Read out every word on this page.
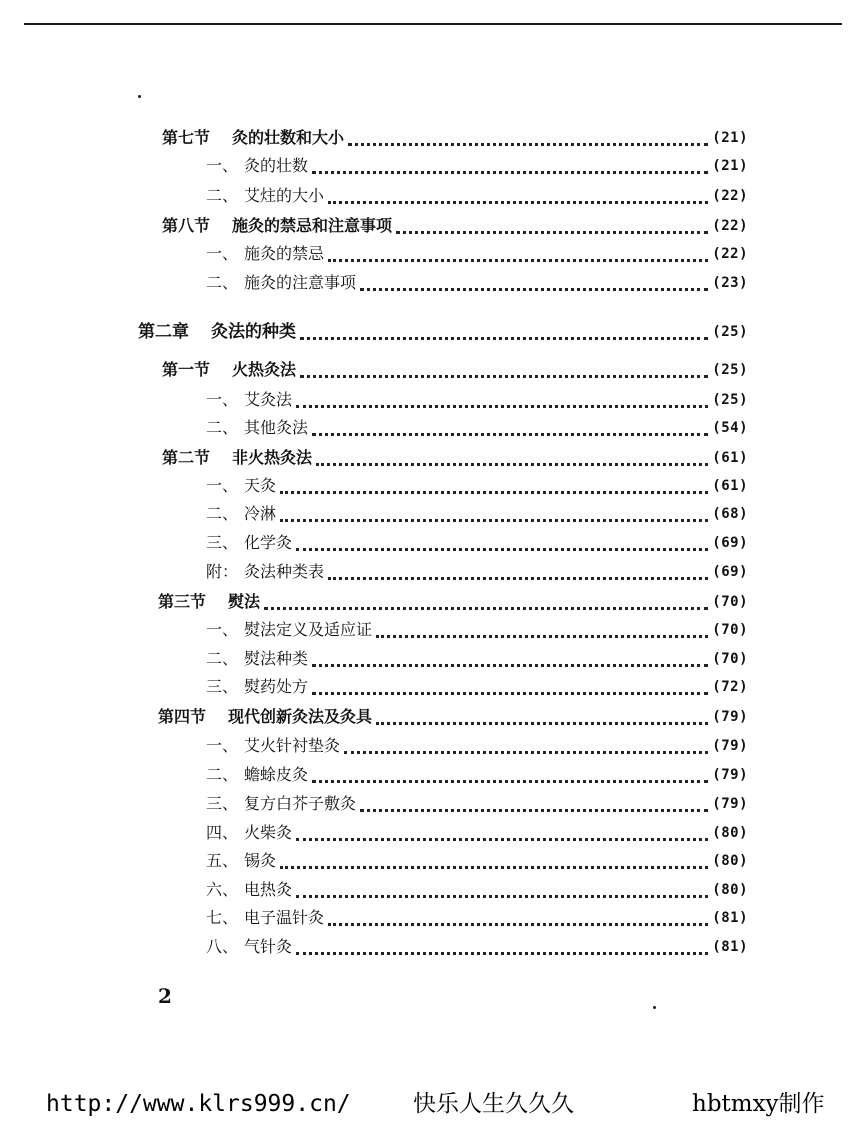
第七节 灸的壮数和大小	(21)
一、 灸的壮数	(21)
二、 艾炷的大小	(22)
第八节 施灸的禁忌和注意事项	(22)
一、 施灸的禁忌	(22)
二、 施灸的注意事项	(23)
第二章 灸法的种类	(25)
第一节 火热灸法	(25)
一、 艾灸法	(25)
二、 其他灸法	(54)
第二节 非火热灸法	(61)
一、 天灸	(61)
二、 冷淋	(68)
三、 化学灸	(69)
附： 灸法种类表	(69)
第三节 熨法	(70)
一、 熨法定义及适应证	(70)
二、 熨法种类	(70)
三、 熨药处方	(72)
第四节 现代创新灸法及灸具	(79)
一、 艾火针衬垫灸	(79)
二、 蟾蜍皮灸	(79)
三、 复方白芥子敷灸	(79)
四、 火柴灸	(80)
五、 锡灸	(80)
六、 电热灸	(80)
七、 电子温针灸	(81)
八、 气针灸	(81)
2
http://www.klrs999.cn/	快乐人生久久久	hbtmxy制作
